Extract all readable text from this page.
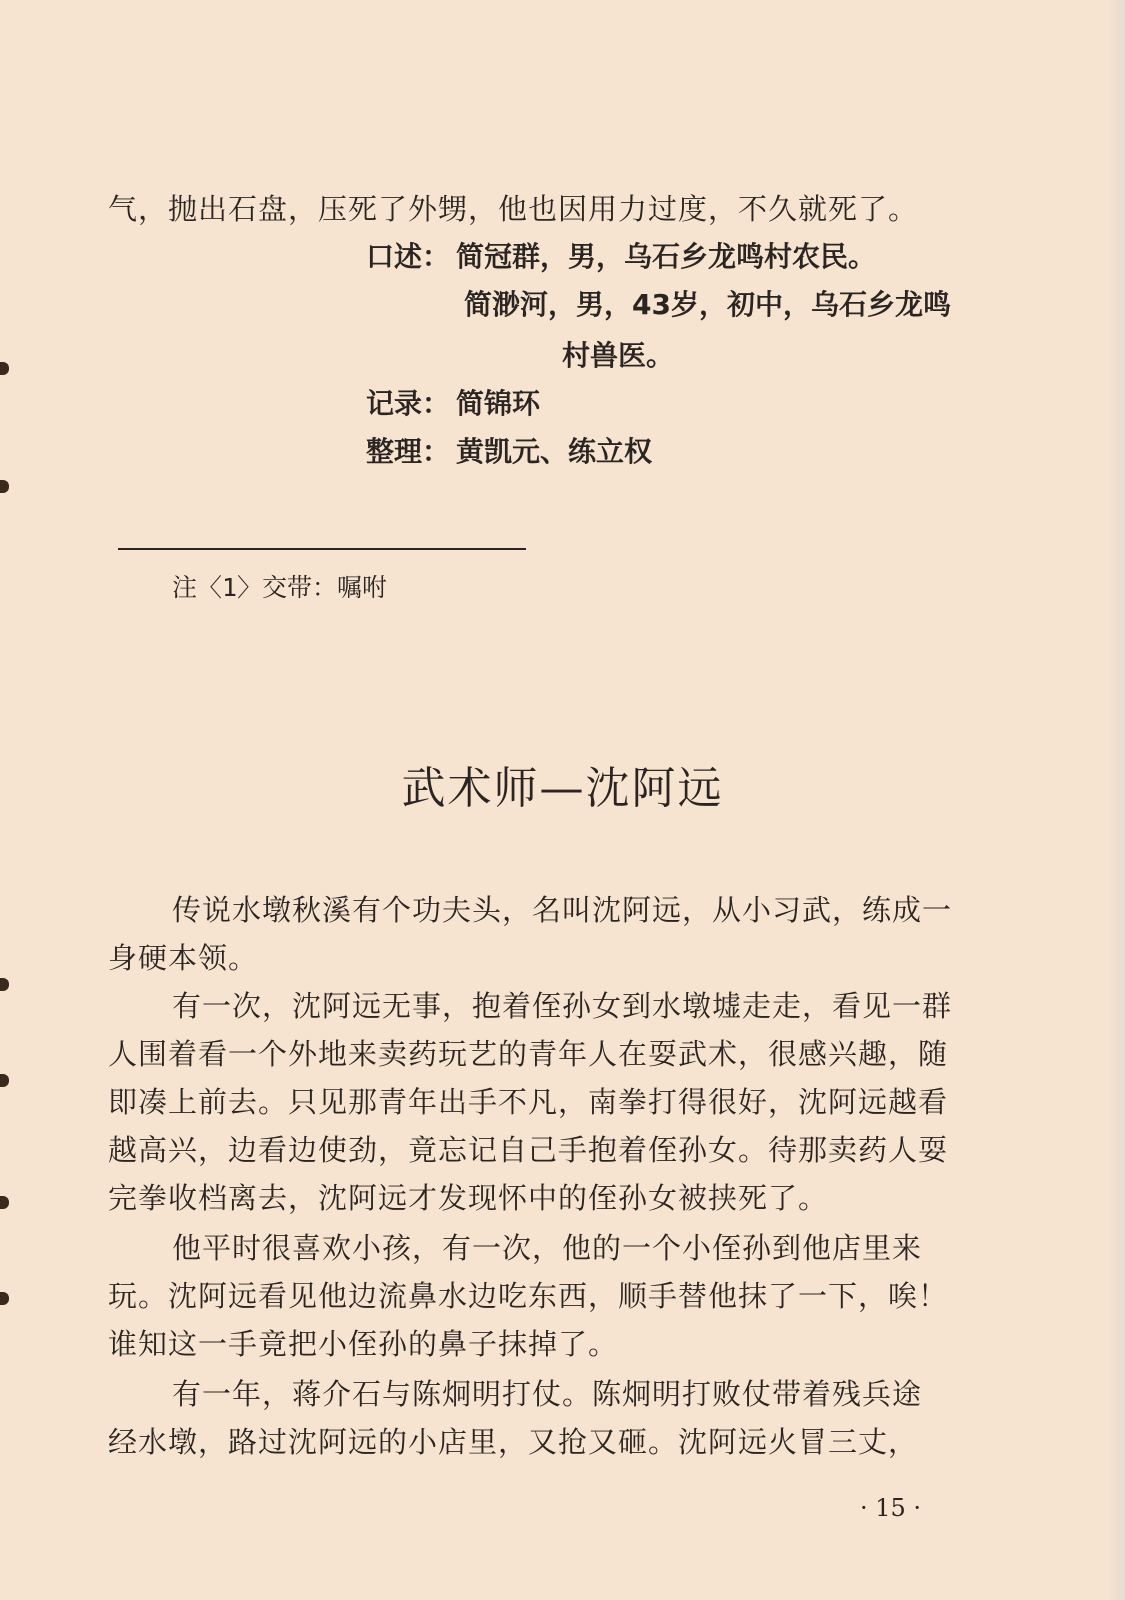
气，抛出石盘，压死了外甥，他也因用力过度，不久就死了。

口述： 简冠群，男，乌石乡龙鸣村农民。
简渺河，男，43岁，初中，乌石乡龙鸣
村兽医。
记录： 简锦环
整理： 黄凯元、练立权
注〈1〉交带：嘱咐
武术师—沈阿远

传说水墩秋溪有个功夫头，名叫沈阿远，从小习武，练成一

身硬本领。

有一次，沈阿远无事，抱着侄孙女到水墩墟走走，看见一群

人围着看一个外地来卖药玩艺的青年人在耍武术，很感兴趣，随

即凑上前去。只见那青年出手不凡，南拳打得很好，沈阿远越看

越高兴，边看边使劲，竟忘记自己手抱着侄孙女。待那卖药人耍

完拳收档离去，沈阿远才发现怀中的侄孙女被挟死了。

他平时很喜欢小孩，有一次，他的一个小侄孙到他店里来

玩。沈阿远看见他边流鼻水边吃东西，顺手替他抹了一下，唉！

谁知这一手竟把小侄孙的鼻子抹掉了。

有一年，蒋介石与陈炯明打仗。陈炯明打败仗带着残兵途

经水墩，路过沈阿远的小店里，又抢又砸。沈阿远火冒三丈，

· 15 ·
